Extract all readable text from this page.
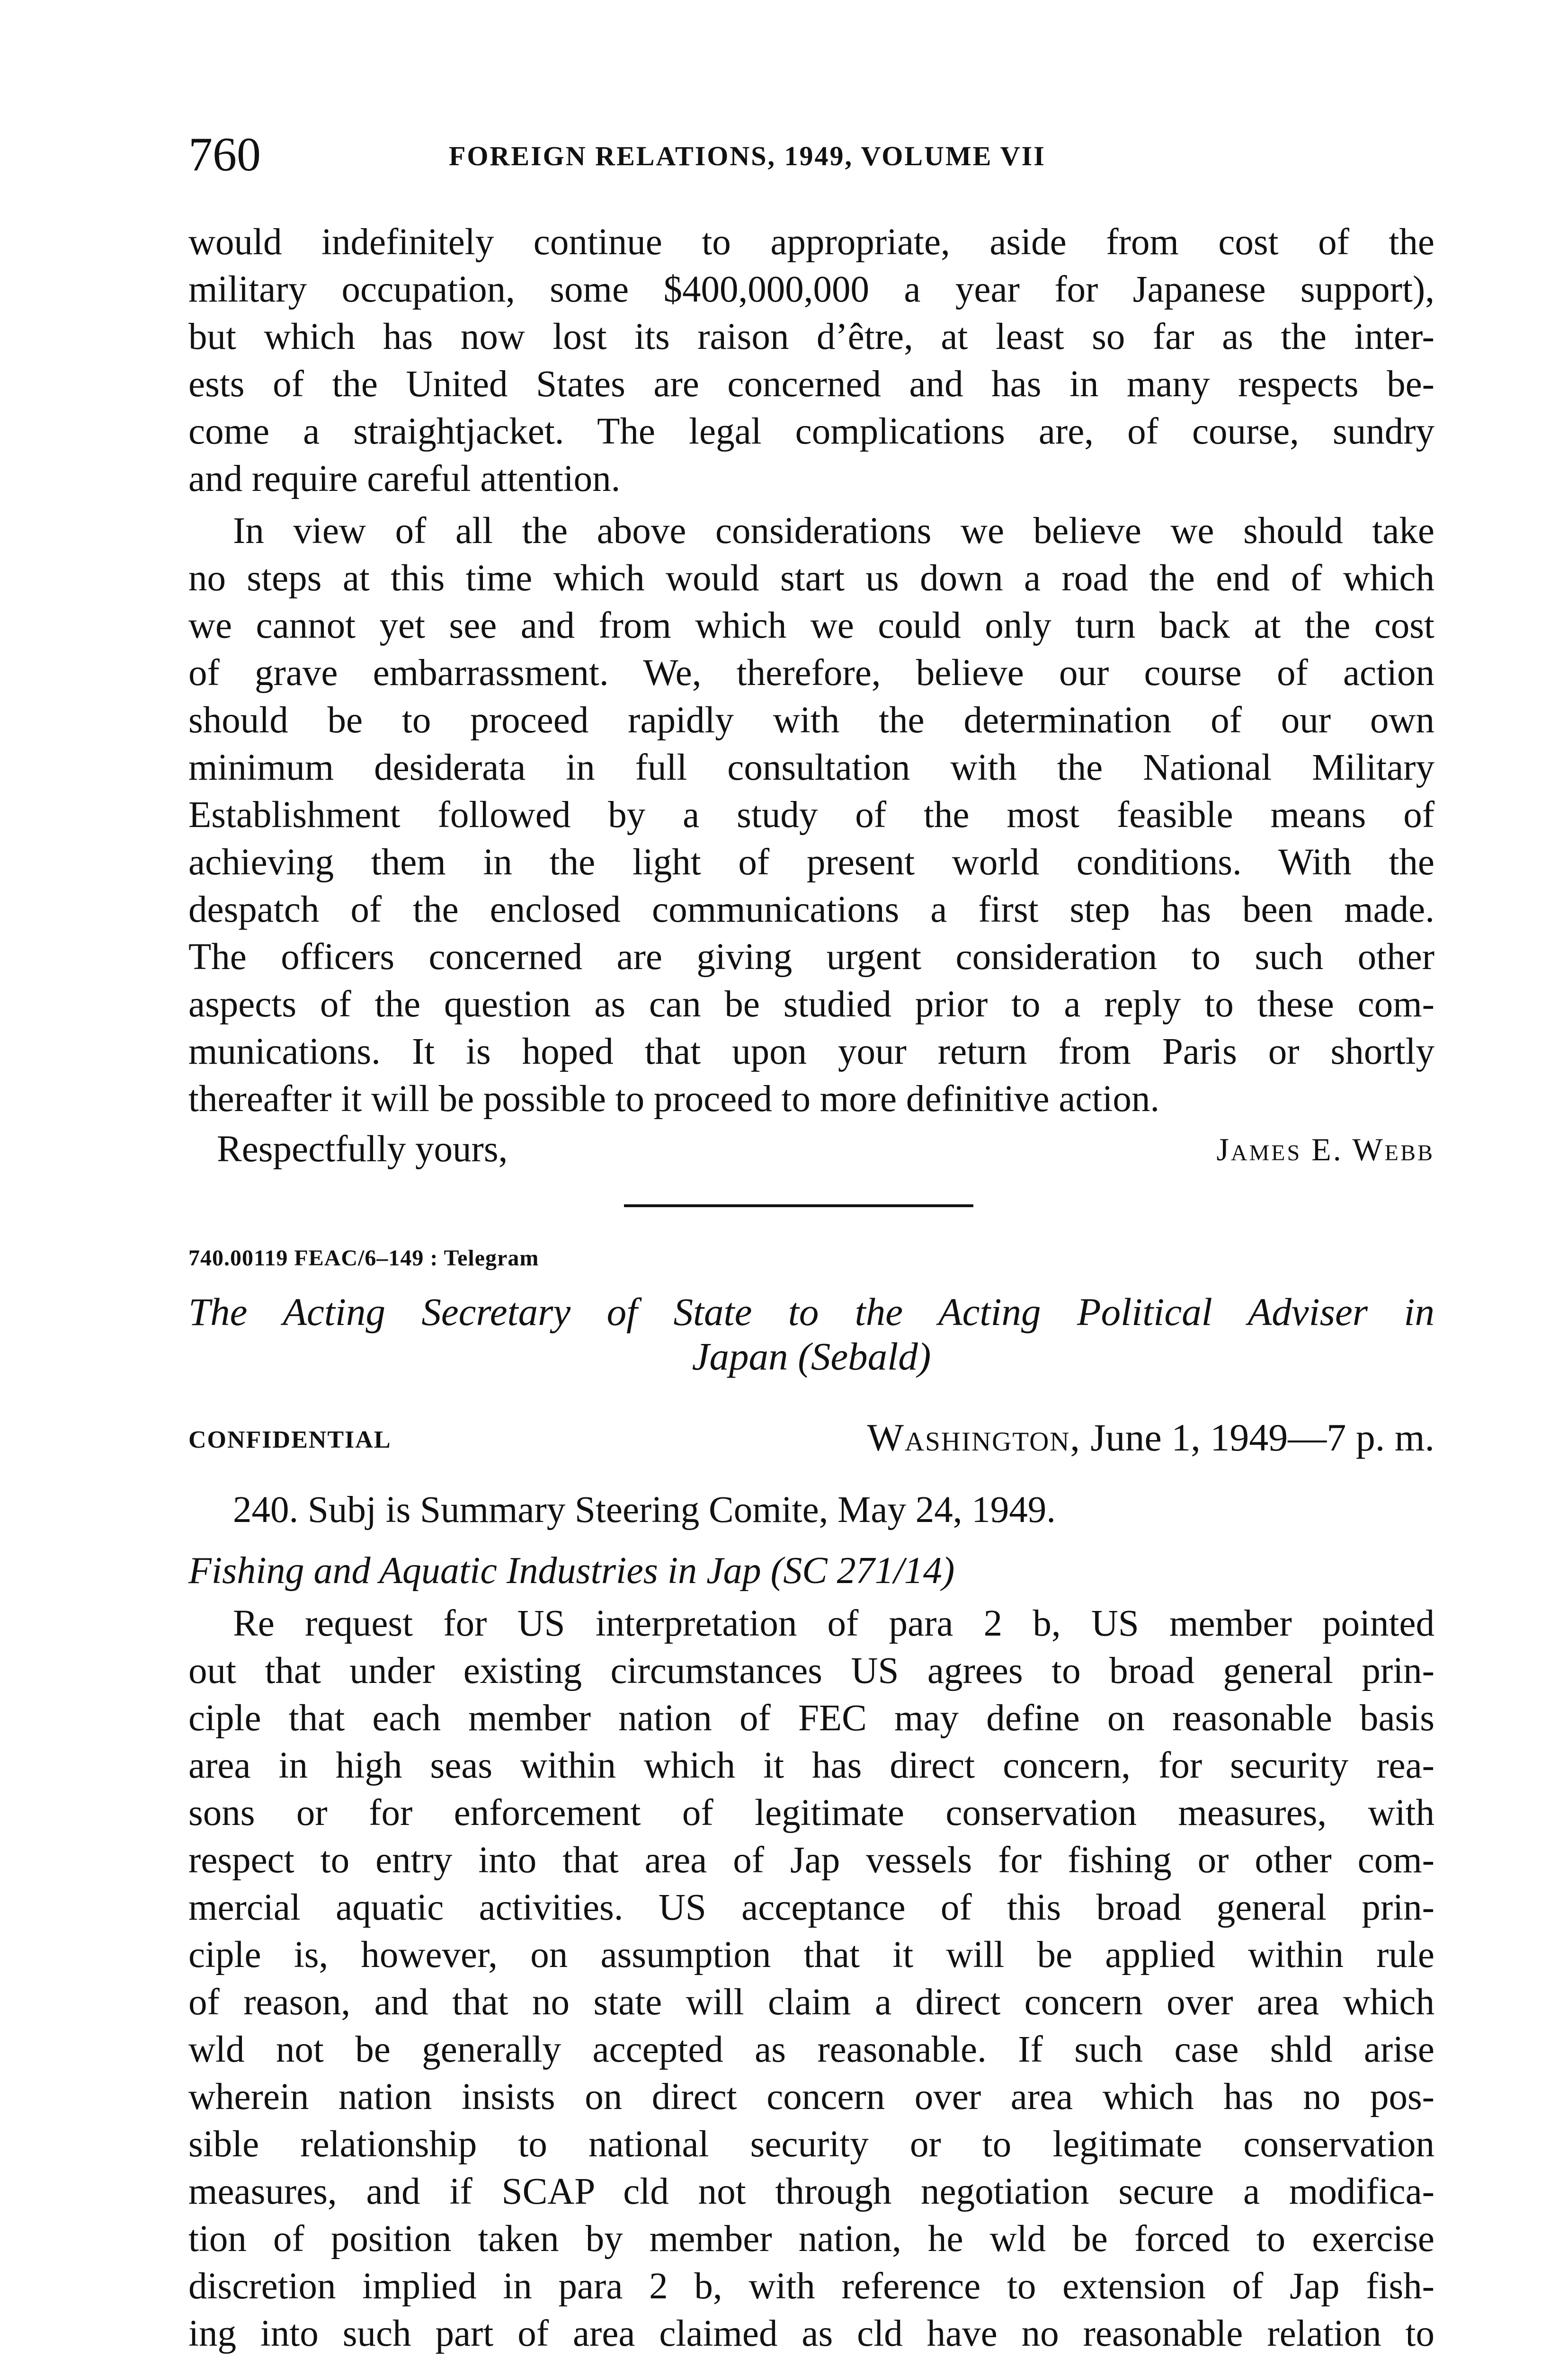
760	FOREIGN RELATIONS, 1949, VOLUME VII
would indefinitely continue to appropriate, aside from cost of the
military occupation, some $400,000,000 a year for Japanese support),
but which has now lost its raison d’être, at least so far as the inter-
ests of the United States are concerned and has in many respects be-
come a straightjacket. The legal complications are, of course, sundry
and require careful attention.
In view of all the above considerations we believe we should take
no steps at this time which would start us down a road the end of which
we cannot yet see and from which we could only turn back at the cost
of grave embarrassment. We, therefore, believe our course of action
should be to proceed rapidly with the determination of our own
minimum desiderata in full consultation with the National Military
Establishment followed by a study of the most feasible means of
achieving them in the light of present world conditions. With the
despatch of the enclosed communications a first step has been made.
The officers concerned are giving urgent consideration to such other
aspects of the question as can be studied prior to a reply to these com-
munications. It is hoped that upon your return from Paris or shortly
thereafter it will be possible to proceed to more definitive action.
Respectfully yours,	James E. Webb
740.00119 FEAC/6–149 : Telegram
The Acting Secretary of State to the Acting Political Adviser in
Japan (Sebald)
CONFIDENTIAL	Washington, June 1, 1949—7 p. m.
240. Subj is Summary Steering Comite, May 24, 1949.
Fishing and Aquatic Industries in Jap (SC 271/14)
Re request for US interpretation of para 2 b, US member pointed
out that under existing circumstances US agrees to broad general prin-
ciple that each member nation of FEC may define on reasonable basis
area in high seas within which it has direct concern, for security rea-
sons or for enforcement of legitimate conservation measures, with
respect to entry into that area of Jap vessels for fishing or other com-
mercial aquatic activities. US acceptance of this broad general prin-
ciple is, however, on assumption that it will be applied within rule
of reason, and that no state will claim a direct concern over area which
wld not be generally accepted as reasonable. If such case shld arise
wherein nation insists on direct concern over area which has no pos-
sible relationship to national security or to legitimate conservation
measures, and if SCAP cld not through negotiation secure a modifica-
tion of position taken by member nation, he wld be forced to exercise
discretion implied in para 2 b, with reference to extension of Jap fish-
ing into such part of area claimed as cld have no reasonable relation to
